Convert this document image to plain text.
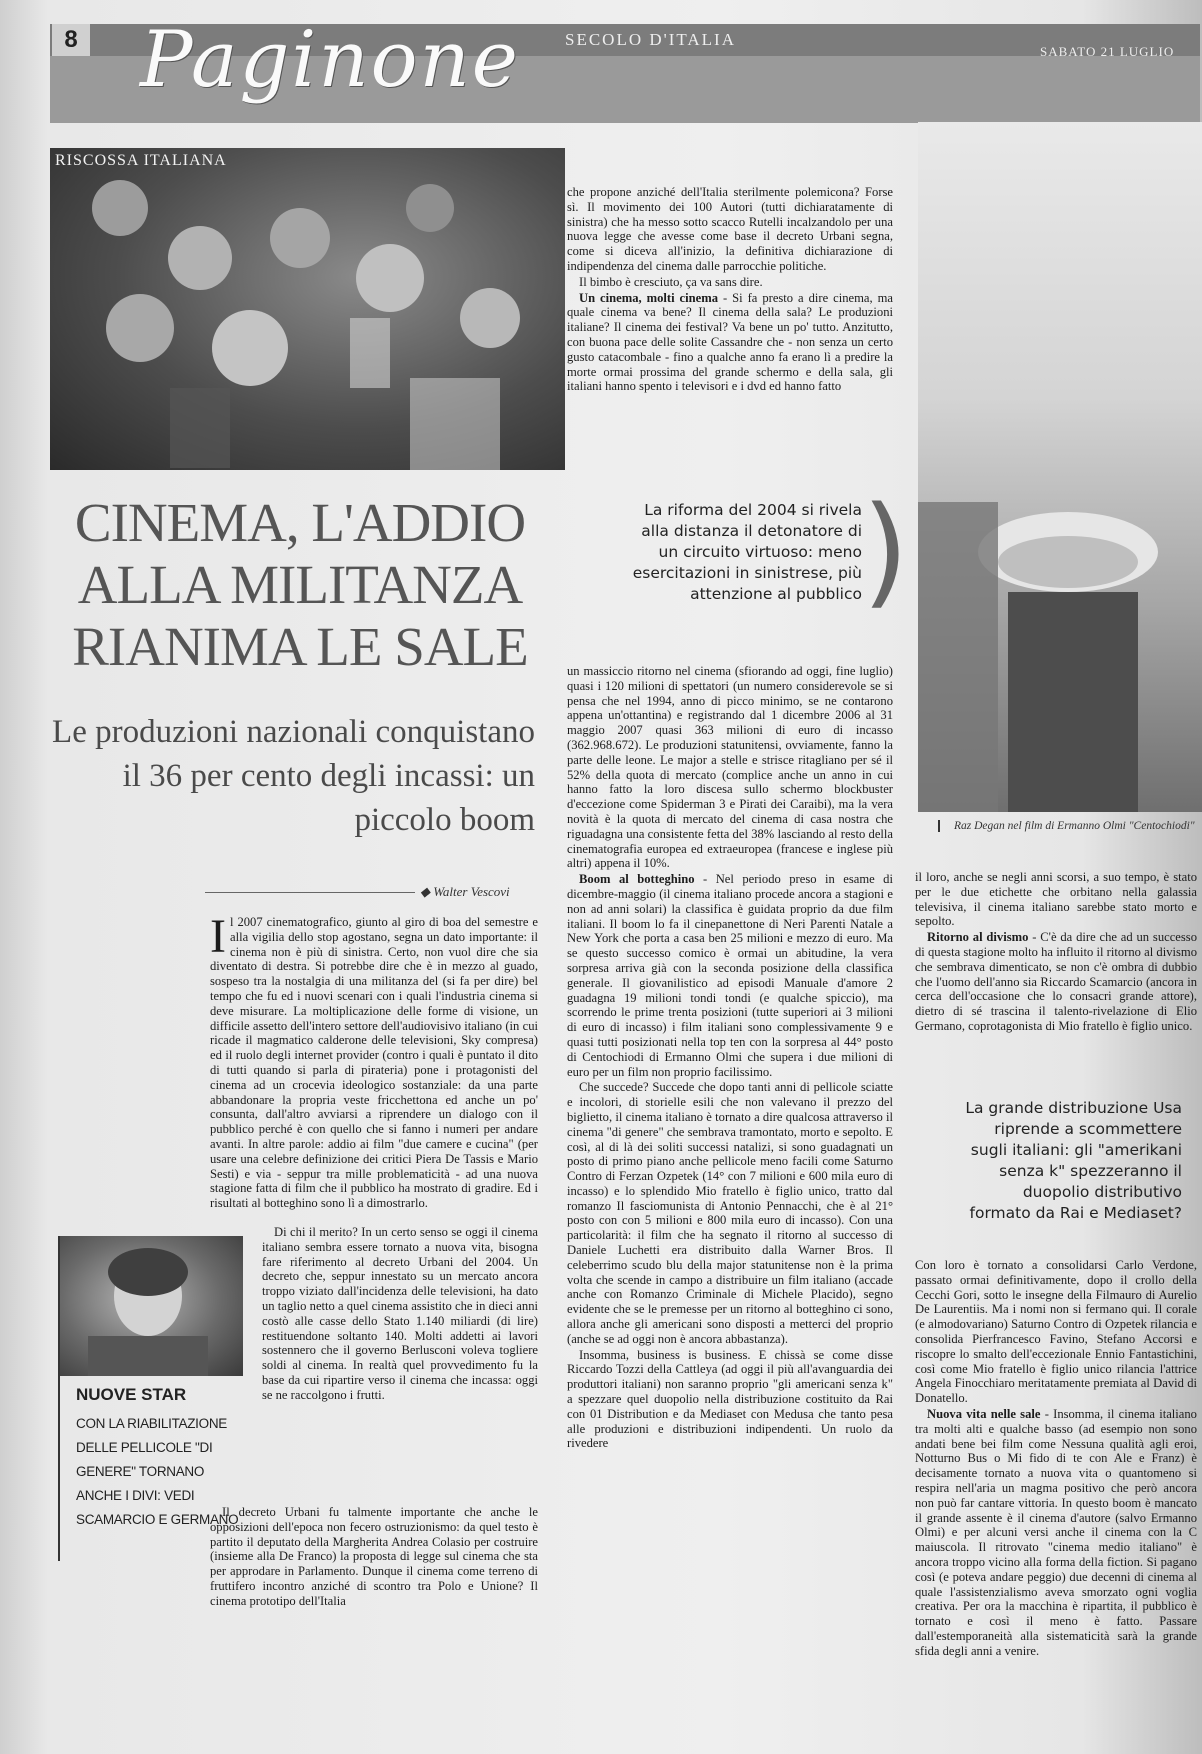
8 Paginone	SECOLO D'ITALIA
SABATO 21 LUGLIO
RISCOSSA ITALIANA
Raz Degan nel film di Ermanno Olmi "Centochiodi"
CINEMA, L'ADDIO ALLA MILITANZA RIANIMA LE SALE
Le produzioni nazionali conquistano il 36 per cento degli incassi: un piccolo boom
◆ Walter Vescovi
La riforma del 2004 si rivela alla distanza il detonatore di un circuito virtuoso: meno esercitazioni in sinistrese, più attenzione al pubblico )
La grande distribuzione Usa riprende a scommettere sugli italiani: gli "amerikani senza k" spezzeranno il duopolio distributivo formato da Rai e Mediaset?

Il 2007 cinematografico, giunto al giro di boa del semestre e alla vigilia dello stop agostano, segna un dato importante: il cinema non è più di sinistra. Certo, non vuol dire che sia diventato di destra. Si potrebbe dire che è in mezzo al guado, sospeso tra la nostalgia di una militanza del (si fa per dire) bel tempo che fu ed i nuovi scenari con i quali l'industria cinema si deve misurare. La moltiplicazione delle forme di visione, un difficile assetto dell'intero settore dell'audiovisivo italiano (in cui ricade il magmatico calderone delle televisioni, Sky compresa) ed il ruolo degli internet provider (contro i quali è puntato il dito di tutti quando si parla di pirateria) pone i protagonisti del cinema ad un crocevia ideologico sostanziale: da una parte abbandonare la propria veste fricchettona ed anche un po' consunta, dall'altro avviarsi a riprendere un dialogo con il pubblico perché è con quello che si fanno i numeri per andare avanti. In altre parole: addio ai film "due camere e cucina" (per usare una celebre definizione dei critici Piera De Tassis e Mario Sesti) e via - seppur tra mille problematicità - ad una nuova stagione fatta di film che il pubblico ha mostrato di gradire. Ed i risultati al botteghino sono lì a dimostrarlo.

Di chi il merito? In un certo senso se oggi il cinema italiano sembra essere tornato a nuova vita, bisogna fare riferimento al decreto Urbani del 2004. Un decreto che, seppur innestato su un mercato ancora troppo viziato dall'incidenza delle televisioni, ha dato un taglio netto a quel cinema assistito che in dieci anni costò alle casse dello Stato 1.140 miliardi (di lire) restituendone soltanto 140. Molti addetti ai lavori sostennero che il governo Berlusconi voleva togliere soldi al cinema. In realtà quel provvedimento fu la base da cui ripartire verso il cinema che incassa: oggi se ne raccolgono i frutti.

Il decreto Urbani fu talmente importante che anche le opposizioni dell'epoca non fecero ostruzionismo: da quel testo è partito il deputato della Margherita Andrea Colasio per costruire (insieme alla De Franco) la proposta di legge sul cinema che sta per approdare in Parlamento. Dunque il cinema come terreno di fruttifero incontro anziché di scontro tra Polo e Unione? Il cinema prototipo dell'Italia

NUOVE STAR
CON LA RIABILITAZIONE DELLE PELLICOLE "DI GENERE" TORNANO ANCHE I DIVI: VEDI SCAMARCIO E GERMANO

che propone anziché dell'Italia sterilmente polemicona? Forse sì. Il movimento dei 100 Autori (tutti dichiaratamente di sinistra) che ha messo sotto scacco Rutelli incalzandolo per una nuova legge che avesse come base il decreto Urbani segna, come si diceva all'inizio, la definitiva dichiarazione di indipendenza del cinema dalle parrocchie politiche.

Il bimbo è cresciuto, ça va sans dire.

Un cinema, molti cinema - Si fa presto a dire cinema, ma quale cinema va bene? Il cinema della sala? Le produzioni italiane? Il cinema dei festival? Va bene un po' tutto. Anzitutto, con buona pace delle solite Cassandre che - non senza un certo gusto catacombale - fino a qualche anno fa erano lì a predire la morte ormai prossima del grande schermo e della sala, gli italiani hanno spento i televisori e i dvd ed hanno fatto

un massiccio ritorno nel cinema (sfiorando ad oggi, fine luglio) quasi i 120 milioni di spettatori (un numero considerevole se si pensa che nel 1994, anno di picco minimo, se ne contarono appena un'ottantina) e registrando dal 1 dicembre 2006 al 31 maggio 2007 quasi 363 milioni di euro di incasso (362.968.672). Le produzioni statunitensi, ovviamente, fanno la parte delle leone. Le major a stelle e strisce ritagliano per sé il 52% della quota di mercato (complice anche un anno in cui hanno fatto la loro discesa sullo schermo blockbuster d'eccezione come Spiderman 3 e Pirati dei Caraibi), ma la vera novità è la quota di mercato del cinema di casa nostra che riguadagna una consistente fetta del 38% lasciando al resto della cinematografia europea ed extraeuropea (francese e inglese più altri) appena il 10%.

Boom al botteghino - Nel periodo preso in esame di dicembre-maggio (il cinema italiano procede ancora a stagioni e non ad anni solari) la classifica è guidata proprio da due film italiani. Il boom lo fa il cinepanettone di Neri Parenti Natale a New York che porta a casa ben 25 milioni e mezzo di euro. Ma se questo successo comico è ormai un abitudine, la vera sorpresa arriva già con la seconda posizione della classifica generale. Il giovanilistico ad episodi Manuale d'amore 2 guadagna 19 milioni tondi tondi (e qualche spiccio), ma scorrendo le prime trenta posizioni (tutte superiori ai 3 milioni di euro di incasso) i film italiani sono complessivamente 9 e quasi tutti posizionati nella top ten con la sorpresa al 44° posto di Centochiodi di Ermanno Olmi che supera i due milioni di euro per un film non proprio facilissimo.

Che succede? Succede che dopo tanti anni di pellicole sciatte e incolori, di storielle esili che non valevano il prezzo del biglietto, il cinema italiano è tornato a dire qualcosa attraverso il cinema "di genere" che sembrava tramontato, morto e sepolto. E così, al di là dei soliti successi natalizi, si sono guadagnati un posto di primo piano anche pellicole meno facili come Saturno Contro di Ferzan Ozpetek (14° con 7 milioni e 600 mila euro di incasso) e lo splendido Mio fratello è figlio unico, tratto dal romanzo Il fasciomunista di Antonio Pennacchi, che è al 21° posto con con 5 milioni e 800 mila euro di incasso). Con una particolarità: il film che ha segnato il ritorno al successo di Daniele Luchetti era distribuito dalla Warner Bros. Il celeberrimo scudo blu della major statunitense non è la prima volta che scende in campo a distribuire un film italiano (accade anche con Romanzo Criminale di Michele Placido), segno evidente che se le premesse per un ritorno al botteghino ci sono, allora anche gli americani sono disposti a metterci del proprio (anche se ad oggi non è ancora abbastanza).

Insomma, business is business. E chissà se come disse Riccardo Tozzi della Cattleya (ad oggi il più all'avanguardia dei produttori italiani) non saranno proprio "gli americani senza k" a spezzare quel duopolio nella distribuzione costituito da Rai con 01 Distribution e da Mediaset con Medusa che tanto pesa alle produzioni e distribuzioni indipendenti. Un ruolo da rivedere

il loro, anche se negli anni scorsi, a suo tempo, è stato per le due etichette che orbitano nella galassia televisiva, il cinema italiano sarebbe stato morto e sepolto.

Ritorno al divismo - C'è da dire che ad un successo di questa stagione molto ha influito il ritorno al divismo che sembrava dimenticato, se non c'è ombra di dubbio che l'uomo dell'anno sia Riccardo Scamarcio (ancora in cerca dell'occasione che lo consacri grande attore), dietro di sé trascina il talento-rivelazione di Elio Germano, coprotagonista di Mio fratello è figlio unico.

Con loro è tornato a consolidarsi Carlo Verdone, passato ormai definitivamente, dopo il crollo della Cecchi Gori, sotto le insegne della Filmauro di Aurelio De Laurentiis. Ma i nomi non si fermano qui. Il corale (e almodovariano) Saturno Contro di Ozpetek rilancia e consolida Pierfrancesco Favino, Stefano Accorsi e riscopre lo smalto dell'eccezionale Ennio Fantastichini, così come Mio fratello è figlio unico rilancia l'attrice Angela Finocchiaro meritatamente premiata al David di Donatello.

Nuova vita nelle sale - Insomma, il cinema italiano tra molti alti e qualche basso (ad esempio non sono andati bene bei film come Nessuna qualità agli eroi, Notturno Bus o Mi fido di te con Ale e Franz) è decisamente tornato a nuova vita o quantomeno si respira nell'aria un magma positivo che però ancora non può far cantare vittoria. In questo boom è mancato il grande assente è il cinema d'autore (salvo Ermanno Olmi) e per alcuni versi anche il cinema con la C maiuscola. Il ritrovato "cinema medio italiano" è ancora troppo vicino alla forma della fiction. Si pagano così (e poteva andare peggio) due decenni di cinema al quale l'assistenzialismo aveva smorzato ogni voglia creativa. Per ora la macchina è ripartita, il pubblico è tornato e così il meno è fatto. Passare dall'estemporaneità alla sistematicità sarà la grande sfida degli anni a venire.
